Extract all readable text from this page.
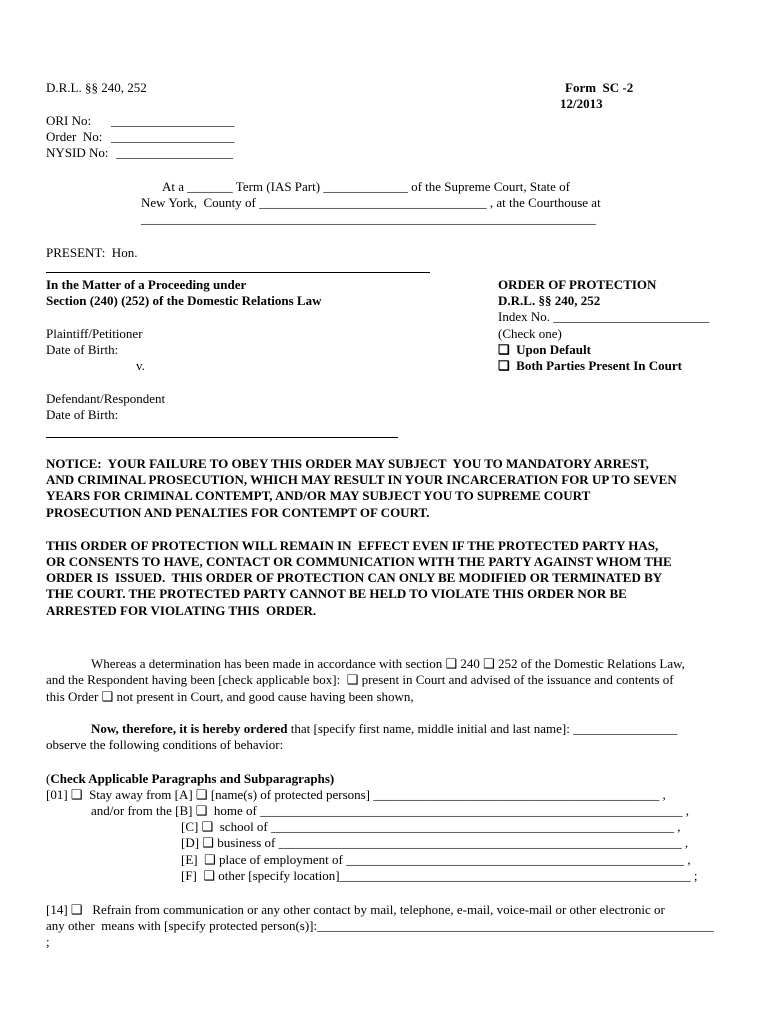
D.R.L. §§ 240, 252	Form  SC -2
12/2013
ORI No: ___________________
Order  No: ___________________
NYSID No: __________________
At a _______ Term (IAS Part) _____________ of the Supreme Court, State of
New York,  County of ___________________________________ , at the Courthouse at
______________________________________________________________________
PRESENT:  Hon.
In the Matter of a Proceeding under
Section (240) (252) of the Domestic Relations Law
Plaintiff/Petitioner
Date of Birth:
v.
Defendant/Respondent
Date of Birth:
ORDER OF PROTECTION
D.R.L. §§ 240, 252
Index No. ________________________
(Check one)
❑  Upon Default
❑  Both Parties Present In Court
NOTICE:  YOUR FAILURE TO OBEY THIS ORDER MAY SUBJECT  YOU TO MANDATORY ARREST,
AND CRIMINAL PROSECUTION, WHICH MAY RESULT IN YOUR INCARCERATION FOR UP TO SEVEN
YEARS FOR CRIMINAL CONTEMPT, AND/OR MAY SUBJECT YOU TO SUPREME COURT
PROSECUTION AND PENALTIES FOR CONTEMPT OF COURT.
THIS ORDER OF PROTECTION WILL REMAIN IN  EFFECT EVEN IF THE PROTECTED PARTY HAS,
OR CONSENTS TO HAVE, CONTACT OR COMMUNICATION WITH THE PARTY AGAINST WHOM THE
ORDER IS  ISSUED.  THIS ORDER OF PROTECTION CAN ONLY BE MODIFIED OR TERMINATED BY
THE COURT. THE PROTECTED PARTY CANNOT BE HELD TO VIOLATE THIS ORDER NOR BE
ARRESTED FOR VIOLATING THIS  ORDER.
Whereas a determination has been made in accordance with section ❑ 240 ❑ 252 of the Domestic Relations Law,
and the Respondent having been [check applicable box]:  ❑ present in Court and advised of the issuance and contents of
this Order ❑ not present in Court, and good cause having been shown,
Now, therefore, it is hereby ordered that [specify first name, middle initial and last name]: ________________
observe the following conditions of behavior:
(Check Applicable Paragraphs and Subparagraphs)
[01] ❑  Stay away from [A] ❑ [name(s) of protected persons] ____________________________________________ ,
and/or from the [B] ❑  home of _________________________________________________________________ ,
[C] ❑  school of ______________________________________________________________ ,
[D] ❑ business of ______________________________________________________________ ,
[E]  ❑ place of employment of ____________________________________________________ ,
[F]  ❑ other [specify location]______________________________________________________ ;
[14] ❑   Refrain from communication or any other contact by mail, telephone, e-mail, voice-mail or other electronic or
any other  means with [specify protected person(s)]:_____________________________________________________________
;
